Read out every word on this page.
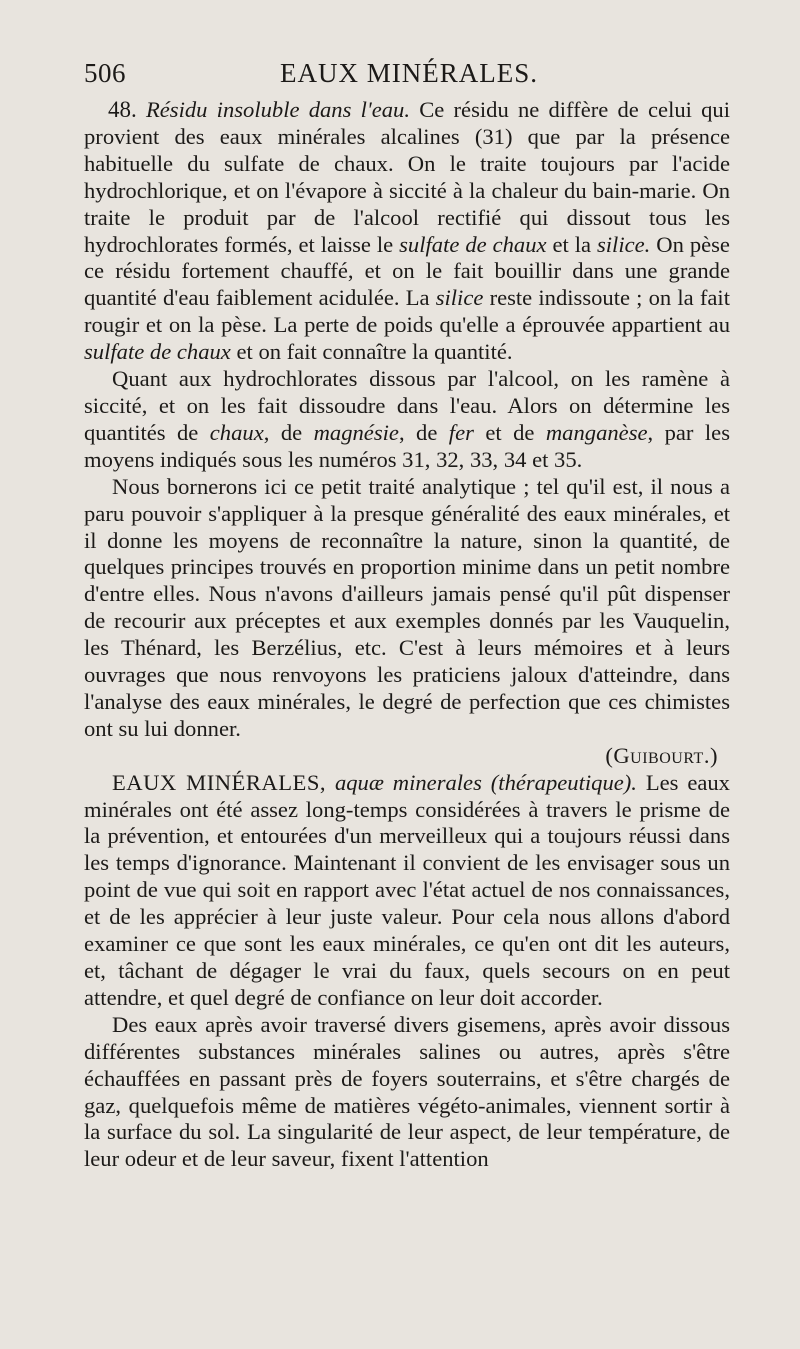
506	EAUX MINÉRALES.

48. Résidu insoluble dans l'eau. Ce résidu ne diffère de celui qui provient des eaux minérales alcalines (31) que par la présence habituelle du sulfate de chaux. On le traite toujours par l'acide hydrochlorique, et on l'évapore à siccité à la chaleur du bain-marie. On traite le produit par de l'alcool rectifié qui dissout tous les hydrochlorates formés, et laisse le sulfate de chaux et la silice. On pèse ce résidu fortement chauffé, et on le fait bouillir dans une grande quantité d'eau faiblement acidulée. La silice reste indissoute ; on la fait rougir et on la pèse. La perte de poids qu'elle a éprouvée appartient au sulfate de chaux et on fait connaître la quantité.

Quant aux hydrochlorates dissous par l'alcool, on les ramène à siccité, et on les fait dissoudre dans l'eau. Alors on détermine les quantités de chaux, de magnésie, de fer et de manganèse, par les moyens indiqués sous les numéros 31, 32, 33, 34 et 35.

Nous bornerons ici ce petit traité analytique ; tel qu'il est, il nous a paru pouvoir s'appliquer à la presque généralité des eaux minérales, et il donne les moyens de reconnaître la nature, sinon la quantité, de quelques principes trouvés en proportion minime dans un petit nombre d'entre elles. Nous n'avons d'ailleurs jamais pensé qu'il pût dispenser de recourir aux préceptes et aux exemples donnés par les Vauquelin, les Thénard, les Berzélius, etc. C'est à leurs mémoires et à leurs ouvrages que nous renvoyons les praticiens jaloux d'atteindre, dans l'analyse des eaux minérales, le degré de perfection que ces chimistes ont su lui donner.

(Guibourt.)

EAUX MINÉRALES, aquæ minerales (thérapeutique). Les eaux minérales ont été assez long-temps considérées à travers le prisme de la prévention, et entourées d'un merveilleux qui a toujours réussi dans les temps d'ignorance. Maintenant il convient de les envisager sous un point de vue qui soit en rapport avec l'état actuel de nos connaissances, et de les apprécier à leur juste valeur. Pour cela nous allons d'abord examiner ce que sont les eaux minérales, ce qu'en ont dit les auteurs, et, tâchant de dégager le vrai du faux, quels secours on en peut attendre, et quel degré de confiance on leur doit accorder.

Des eaux après avoir traversé divers gisemens, après avoir dissous différentes substances minérales salines ou autres, après s'être échauffées en passant près de foyers souterrains, et s'être chargés de gaz, quelquefois même de matières végéto-animales, viennent sortir à la surface du sol. La singularité de leur aspect, de leur température, de leur odeur et de leur saveur, fixent l'attention
